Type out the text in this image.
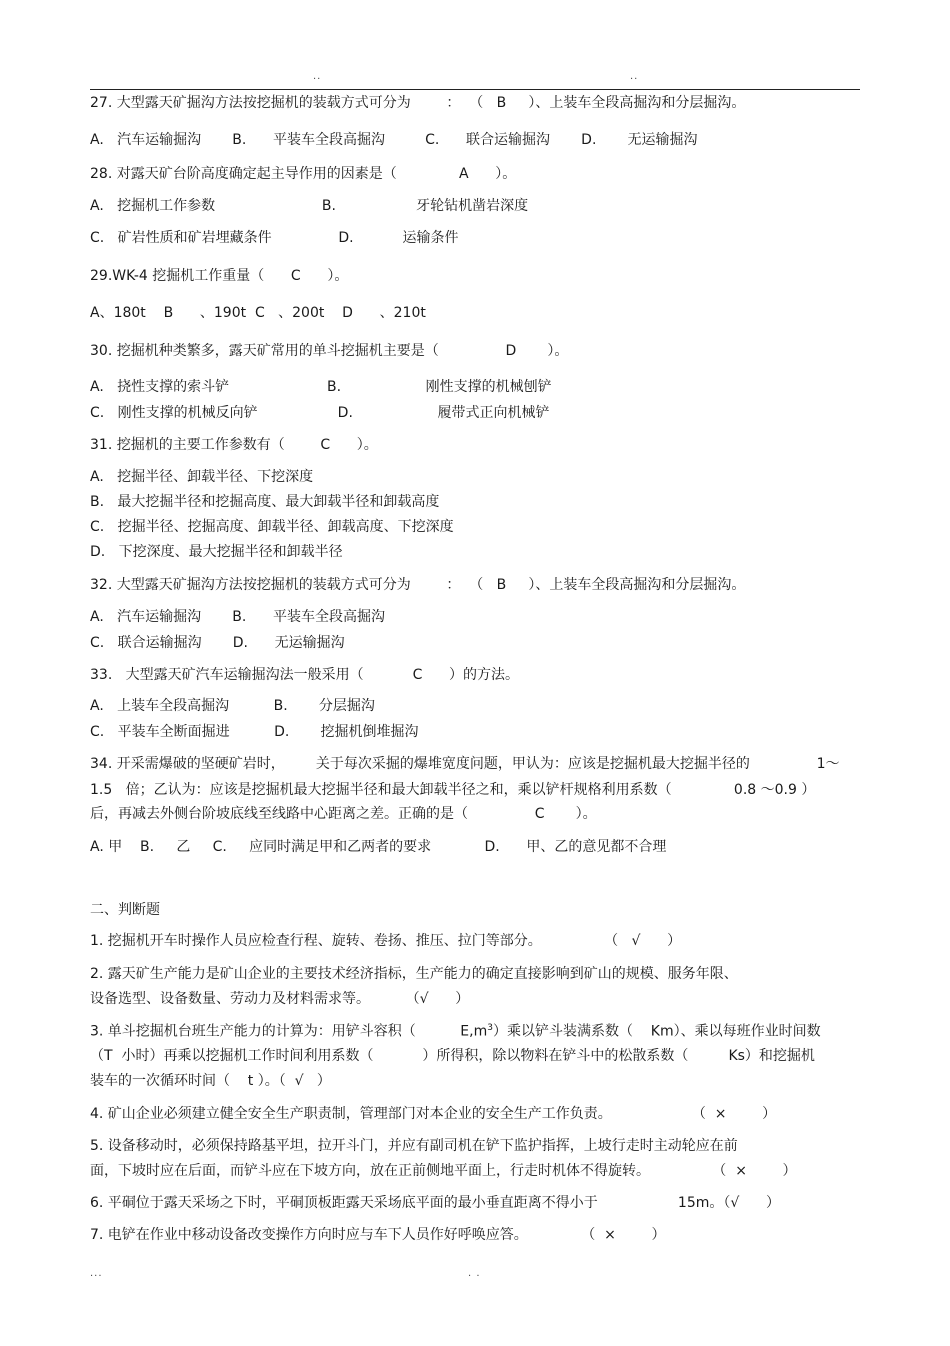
..	..
27. 大型露天矿掘沟方法按挖掘机的装载方式可分为        ：  （   B     ）、上装车全段高掘沟和分层掘沟。
A.   汽车运输掘沟       B.      平装车全段高掘沟         C.      联合运输掘沟       D.       无运输掘沟
28. 对露天矿台阶高度确定起主导作用的因素是（              A      ）。
A.   挖掘机工作参数                        B.                  牙轮钻机凿岩深度
C.   矿岩性质和矿岩埋藏条件               D.           运输条件
29.WK-4 挖掘机工作重量（      C      ）。
A、180t    B      、190t  C   、200t    D      、210t
30. 挖掘机种类繁多，露天矿常用的单斗挖掘机主要是（               D       ）。
A.   挠性支撑的索斗铲                      B.                   刚性支撑的机械刨铲
C.   刚性支撑的机械反向铲                  D.                   履带式正向机械铲
31. 挖掘机的主要工作参数有（        C      ）。
A.   挖掘半径、卸载半径、下挖深度
B.   最大挖掘半径和挖掘高度、最大卸载半径和卸载高度
C.   挖掘半径、挖掘高度、卸载半径、卸载高度、下挖深度
D.   下挖深度、最大挖掘半径和卸载半径
32. 大型露天矿掘沟方法按挖掘机的装载方式可分为        ：  （   B     ）、上装车全段高掘沟和分层掘沟。
A.   汽车运输掘沟       B.      平装车全段高掘沟
C.   联合运输掘沟       D.      无运输掘沟
33.   大型露天矿汽车运输掘沟法一般采用（           C      ）的方法。
A.   上装车全段高掘沟          B.       分层掘沟
C.   平装车全断面掘进          D.       挖掘机倒堆掘沟
34. 开采需爆破的坚硬矿岩时，       关于每次采掘的爆堆宽度问题，甲认为：应该是挖掘机最大挖掘半径的               1～
1.5   倍；乙认为：应该是挖掘机最大挖掘半径和最大卸载半径之和，乘以铲杆规格利用系数（              0.8 ～0.9 ）
后，再减去外侧台阶坡底线至线路中心距离之差。正确的是（               C       ）。
A. 甲    B.     乙     C.     应同时满足甲和乙两者的要求            D.      甲、乙的意见都不合理
二、判断题
1. 挖掘机开车时操作人员应检查行程、旋转、卷扬、推压、拉门等部分。              （   √      ）
2. 露天矿生产能力是矿山企业的主要技术经济指标，生产能力的确定直接影响到矿山的规模、服务年限、
设备选型、设备数量、劳动力及材料需求等。        （√      ）
3. 单斗挖掘机台班生产能力的计算为：用铲斗容积（          $E,m^3$）乘以铲斗装满系数（    Km）、乘以每班作业时间数
（T  小时）再乘以挖掘机工作时间利用系数（           ）所得积，除以物料在铲斗中的松散系数（         Ks）和挖掘机
装车的一次循环时间（    t ）。（  √   ）
4. 矿山企业必须建立健全安全生产职责制，管理部门对本企业的安全生产工作负责。                  （  ×        ）
5. 设备移动时，必须保持路基平坦，拉开斗门，并应有副司机在铲下监护指挥，上坡行走时主动轮应在前
面，下坡时应在后面，而铲斗应在下坡方向，放在正前侧地平面上，行走时机体不得旋转。              （  ×        ）
6. 平硐位于露天采场之下时，平硐顶板距露天采场底平面的最小垂直距离不得小于                  15m。（√      ）
7. 电铲在作业中移动设备改变操作方向时应与车下人员作好呼唤应答。            （  ×        ）
...	. .
